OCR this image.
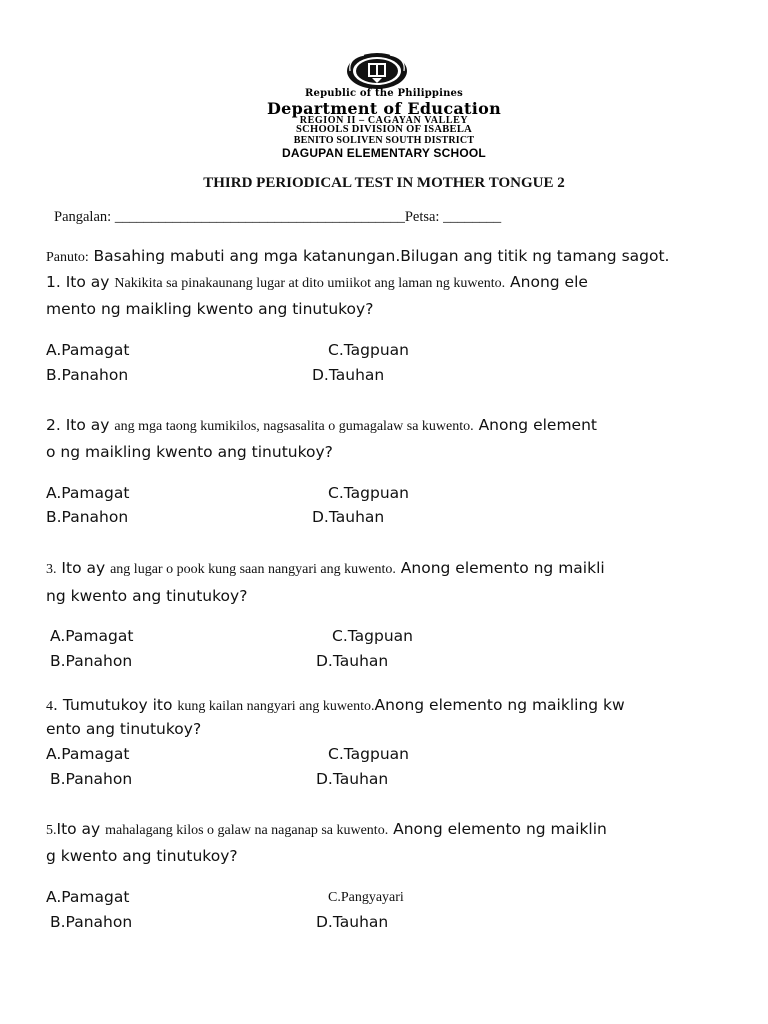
Republic of the Philippines
Department of Education
REGION II – CAGAYAN VALLEY
SCHOOLS DIVISION OF ISABELA
BENITO SOLIVEN SOUTH DISTRICT
DAGUPAN ELEMENTARY SCHOOL
THIRD PERIODICAL TEST IN MOTHER TONGUE 2
Pangalan: ________________________________________Petsa: ________
Panuto: Basahing mabuti ang mga katanungan.Bilugan ang titik ng tamang sagot.
1. Ito ay Nakikita sa pinakaunang lugar at dito umiikot ang laman ng kuwento. Anong ele
mento ng maikling kwento ang tinutukoy?
A.Pamagat	C.Tagpuan
B.Panahon	D.Tauhan
2. Ito ay ang mga taong kumikilos, nagsasalita o gumagalaw sa kuwento. Anong element
o ng maikling kwento ang tinutukoy?
A.Pamagat	C.Tagpuan
B.Panahon	D.Tauhan
3. Ito ay ang lugar o pook kung saan nangyari ang kuwento. Anong elemento ng maikli
ng kwento ang tinutukoy?
A.Pamagat	C.Tagpuan
B.Panahon	D.Tauhan
4. Tumutukoy ito kung kailan nangyari ang kuwento.Anong elemento ng maikling kw
ento ang tinutukoy?
A.Pamagat	C.Tagpuan
B.Panahon	D.Tauhan
5.Ito ay mahalagang kilos o galaw na naganap sa kuwento. Anong elemento ng maiklin
g kwento ang tinutukoy?
A.Pamagat	C.Pangyayari
B.Panahon	D.Tauhan
